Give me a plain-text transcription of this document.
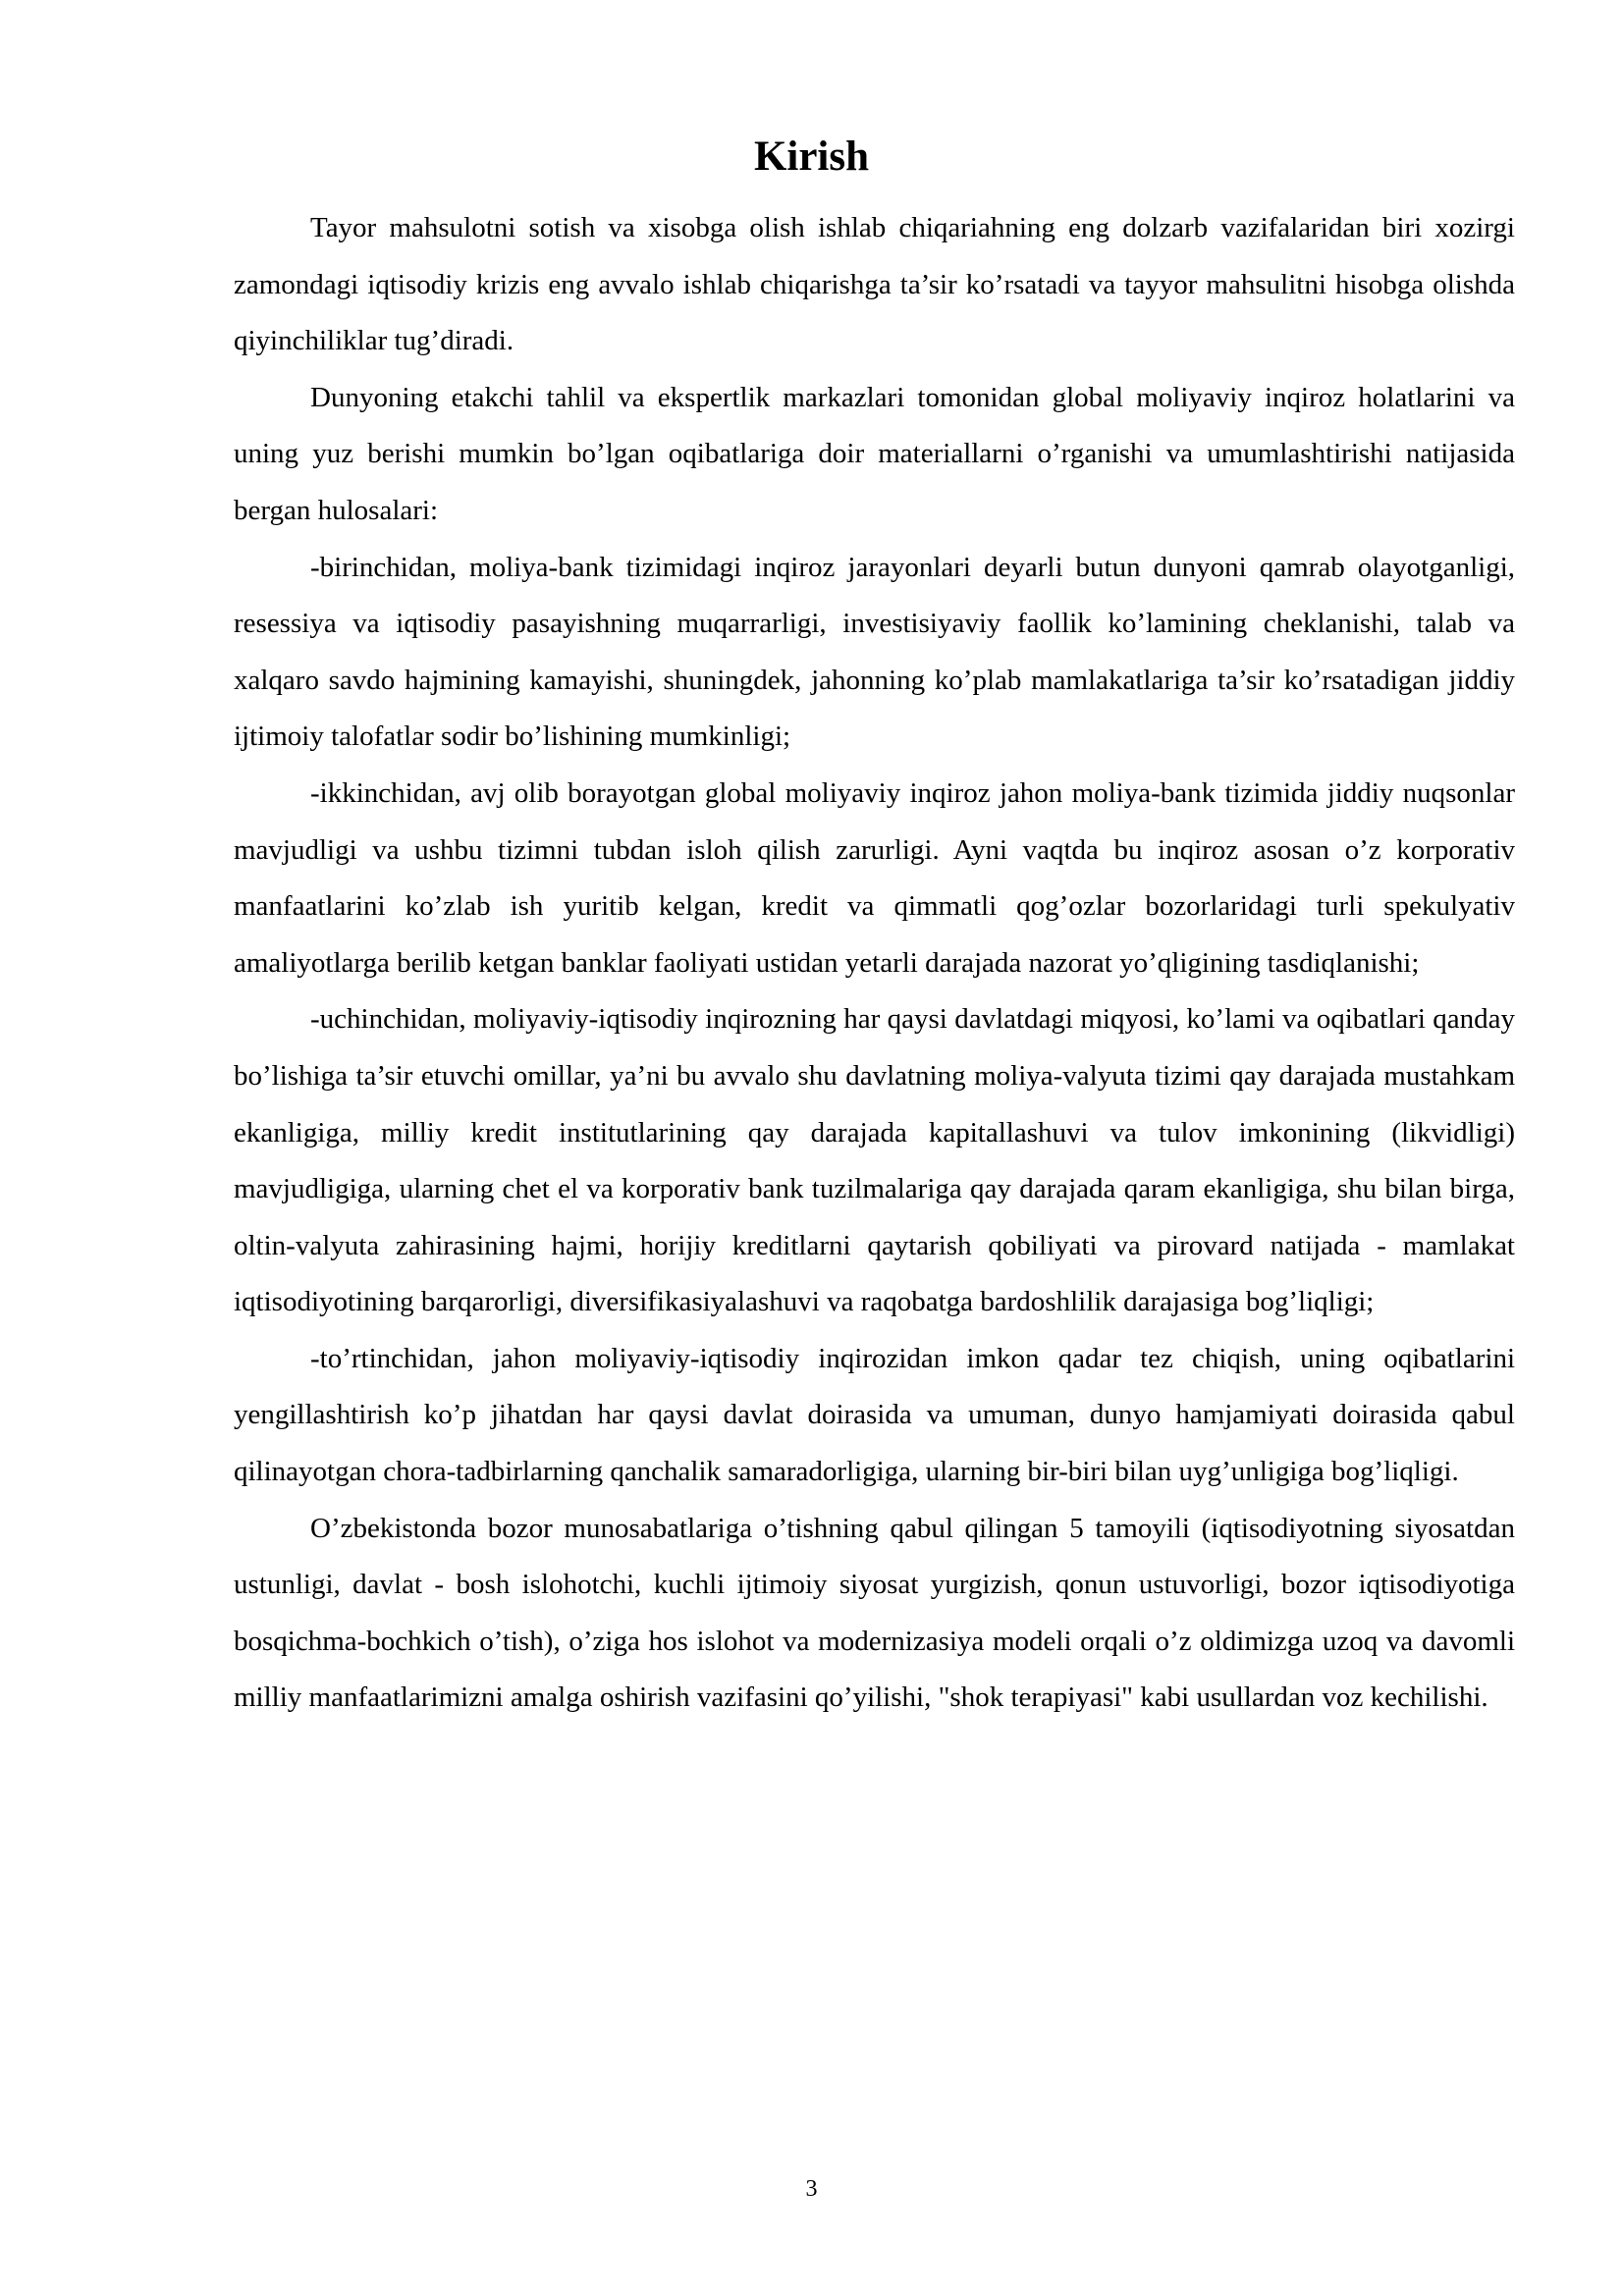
Kirish

Tayor mahsulotni sotish va xisobga olish ishlab chiqariahning eng dolzarb vazifalaridan biri xozirgi zamondagi iqtisodiy krizis eng avvalo ishlab chiqarishga ta’sir ko’rsatadi va tayyor mahsulitni hisobga olishda qiyinchiliklar tug’diradi.

Dunyoning etakchi tahlil va ekspertlik markazlari tomonidan global moliyaviy inqiroz holatlarini va uning yuz berishi mumkin bo’lgan oqibatlariga doir materiallarni o’rganishi va umumlashtirishi natijasida bergan hulosalari:

-birinchidan, moliya-bank tizimidagi inqiroz jarayonlari deyarli butun dunyoni qamrab olayotganligi, resessiya va iqtisodiy pasayishning muqarrarligi, investisiyaviy faollik ko’lamining cheklanishi, talab va xalqaro savdo hajmining kamayishi, shuningdek, jahonning ko’plab mamlakatlariga ta’sir ko’rsatadigan jiddiy ijtimoiy talofatlar sodir bo’lishining mumkinligi;

-ikkinchidan, avj olib borayotgan global moliyaviy inqiroz jahon moliya-bank tizimida jiddiy nuqsonlar mavjudligi va ushbu tizimni tubdan isloh qilish zarurligi. Ayni vaqtda bu inqiroz asosan o’z korporativ manfaatlarini ko’zlab ish yuritib kelgan, kredit va qimmatli qog’ozlar bozorlaridagi turli spekulyativ amaliyotlarga berilib ketgan banklar faoliyati ustidan yetarli darajada nazorat yo’qligining tasdiqlanishi;

-uchinchidan, moliyaviy-iqtisodiy inqirozning har qaysi davlatdagi miqyosi, ko’lami va oqibatlari qanday bo’lishiga ta’sir etuvchi omillar, ya’ni bu avvalo shu davlatning moliya-valyuta tizimi qay darajada mustahkam ekanligiga, milliy kredit institutlarining qay darajada kapitallashuvi va tulov imkonining (likvidligi) mavjudligiga, ularning chet el va korporativ bank tuzilmalariga qay darajada qaram ekanligiga, shu bilan birga, oltin-valyuta zahirasining hajmi, horijiy kreditlarni qaytarish qobiliyati va pirovard natijada - mamlakat iqtisodiyotining barqarorligi, diversifikasiyalashuvi va raqobatga bardoshlilik darajasiga bog’liqligi;

-to’rtinchidan, jahon moliyaviy-iqtisodiy inqirozidan imkon qadar tez chiqish, uning oqibatlarini yengillashtirish ko’p jihatdan har qaysi davlat doirasida va umuman, dunyo hamjamiyati doirasida qabul qilinayotgan chora-tadbirlarning qanchalik samaradorligiga, ularning bir-biri bilan uyg’unligiga bog’liqligi.

O’zbekistonda bozor munosabatlariga o’tishning qabul qilingan 5 tamoyili (iqtisodiyotning siyosatdan ustunligi, davlat - bosh islohotchi, kuchli ijtimoiy siyosat yurgizish, qonun ustuvorligi, bozor iqtisodiyotiga bosqichma-bochkich o’tish), o’ziga hos islohot va modernizasiya modeli orqali o’z oldimizga uzoq va davomli milliy manfaatlarimizni amalga oshirish vazifasini qo’yilishi, "shok terapiyasi" kabi usullardan voz kechilishi.

3
